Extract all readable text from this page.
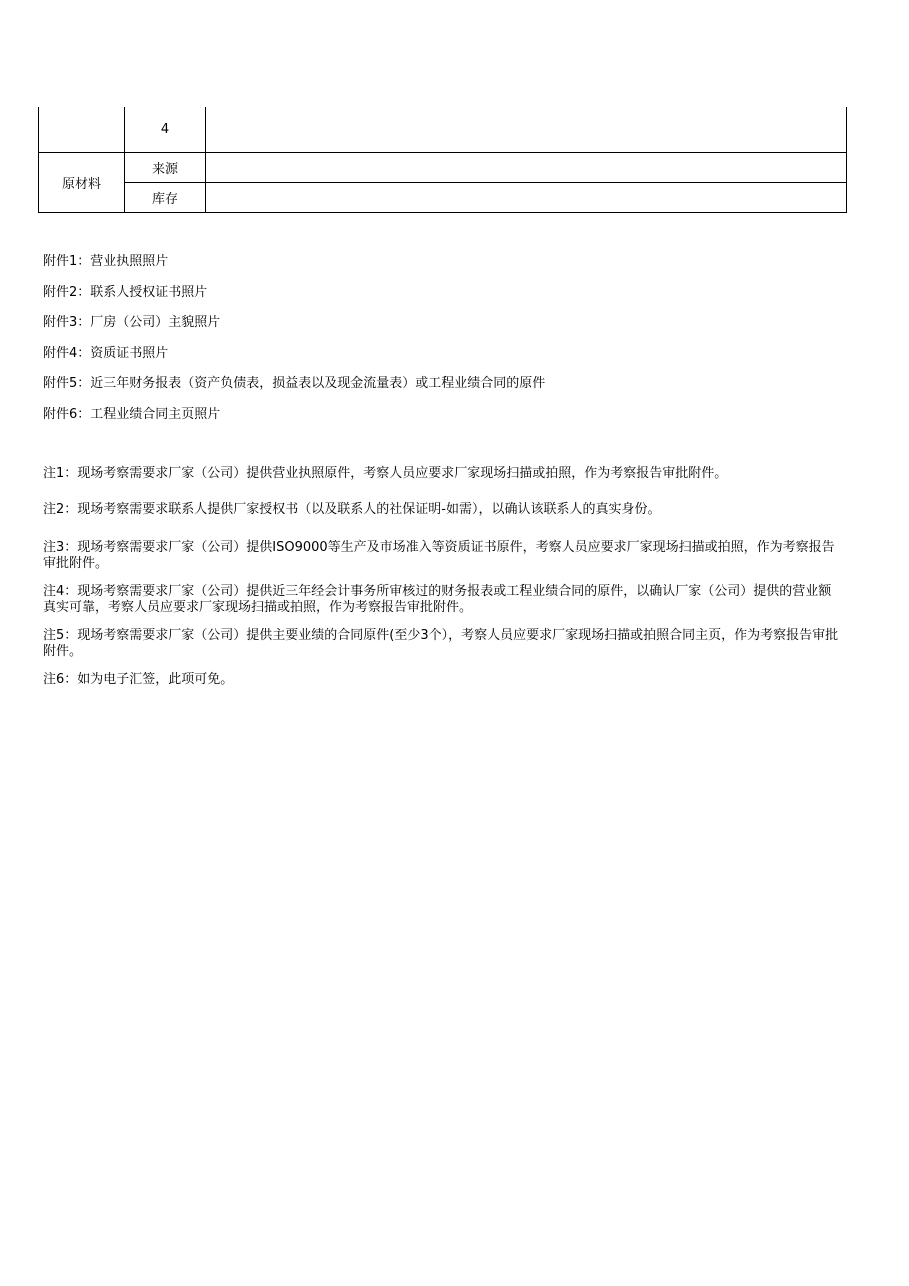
	4	
原材料	来源	
	库存	
附件1：营业执照照片
附件2：联系人授权证书照片
附件3：厂房（公司）主貌照片
附件4：资质证书照片
附件5：近三年财务报表（资产负债表，损益表以及现金流量表）或工程业绩合同的原件
附件6：工程业绩合同主页照片

注1：现场考察需要求厂家（公司）提供营业执照原件，考察人员应要求厂家现场扫描或拍照，作为考察报告审批附件。

注2：现场考察需要求联系人提供厂家授权书（以及联系人的社保证明-如需），以确认该联系人的真实身份。

注3：现场考察需要求厂家（公司）提供ISO9000等生产及市场准入等资质证书原件，考察人员应要求厂家现场扫描或拍照，作为考察报告审批附件。

注4：现场考察需要求厂家（公司）提供近三年经会计事务所审核过的财务报表或工程业绩合同的原件，以确认厂家（公司）提供的营业额真实可靠，考察人员应要求厂家现场扫描或拍照，作为考察报告审批附件。

注5：现场考察需要求厂家（公司）提供主要业绩的合同原件(至少3个），考察人员应要求厂家现场扫描或拍照合同主页，作为考察报告审批附件。

注6：如为电子汇签，此项可免。
